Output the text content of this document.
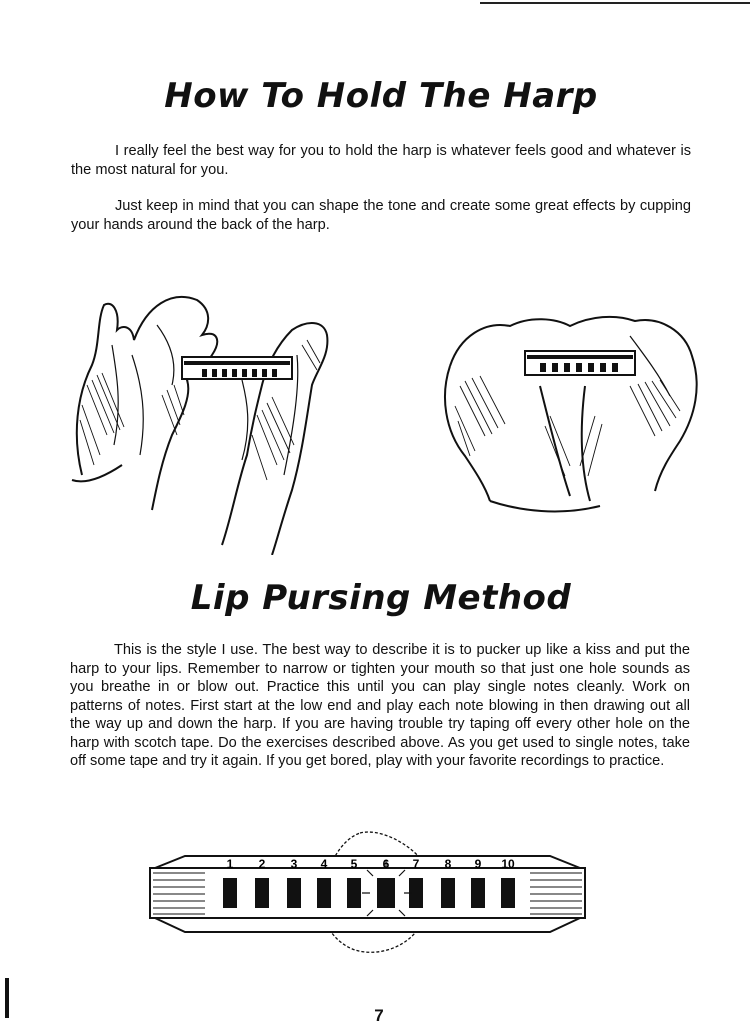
How To Hold The Harp

I really feel the best way for you to hold the harp is whatever feels good and whatever is the most natural for you.

Just keep in mind that you can shape the tone and create some great effects by cupping your hands around the back of the harp.

Lip Pursing Method

This is the style I use. The best way to describe it is to pucker up like a kiss and put the harp to your lips. Remember to narrow or tighten your mouth so that just one hole sounds as you breathe in or blow out. Practice this until you can play single notes cleanly. Work on patterns of notes. First start at the low end and play each note blowing in then drawing out all the way up and down the harp. If you are having trouble try taping off every other hole on the harp with scotch tape. Do the exercises described above. As you get used to single notes, take off some tape and try it again. If you get bored, play with your favorite recordings to practice.

1 2 3 4 5 6 7 8 9 10
7
